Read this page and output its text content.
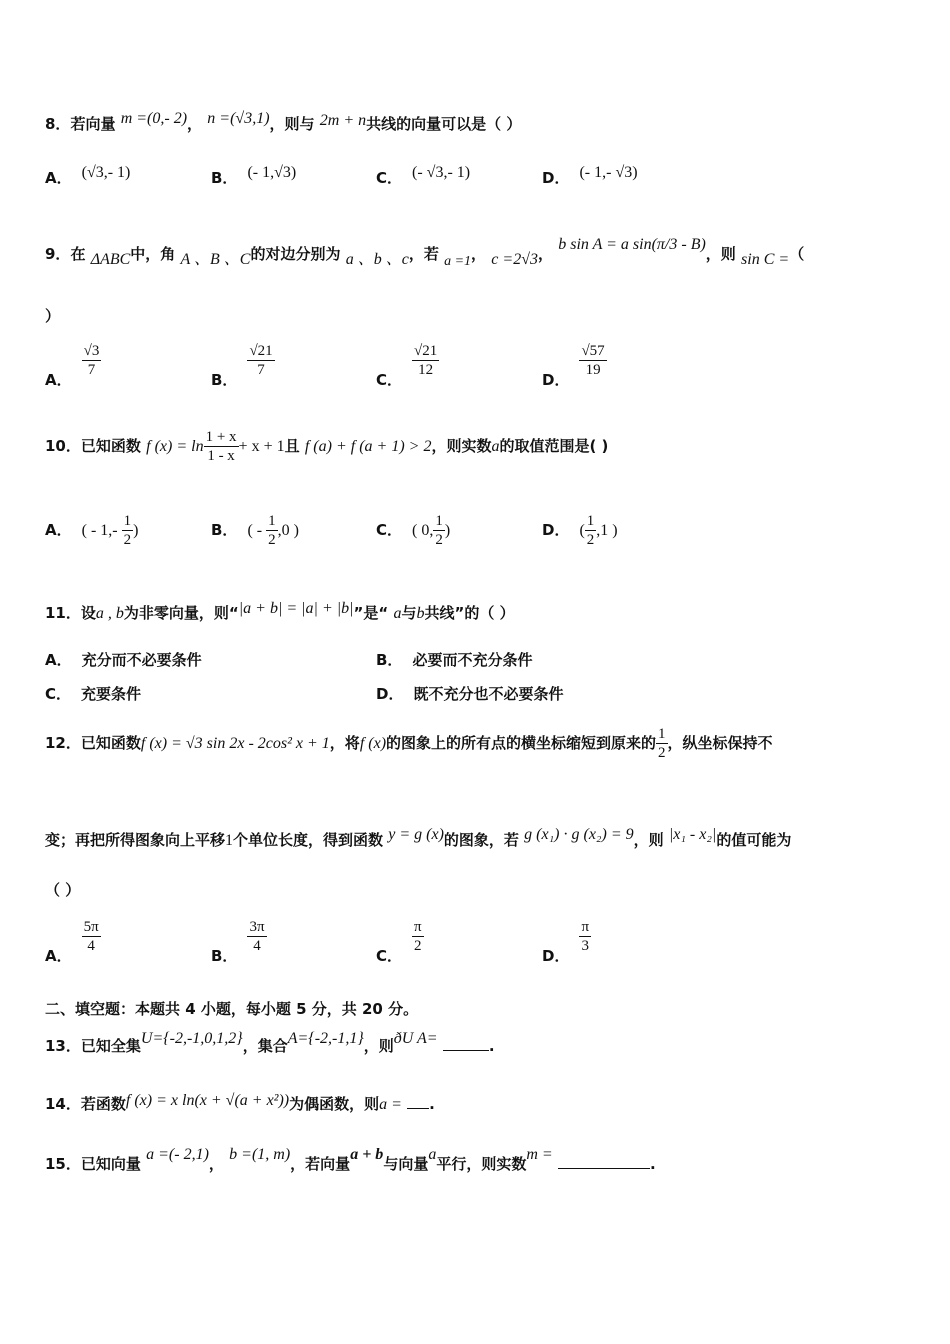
8．若向量 m =(0,- 2)， n =(√3,1)，则与 2m + n共线的向量可以是（ ）
A． (√3,- 1)	B． (- 1,√3)	C． (- √3,- 1)	D． (- 1,- √3)
9．在 ΔABC中，角 A 、B 、C的对边分别为 a 、b 、c，若 a =1， c =2√3， b sin A = a sin(π/3 - B)，则 sin C =（
）
A．
$\frac{√3}{7}$
B．
$\frac{√21}{7}$
C．
$\frac{√21}{12}$
D．
$\frac{√57}{19}$
10．已知函数 f $(x) = \ln \frac{1 + x}{1 - x} + x + 1$且 f (a) + f (a + 1) > 2，则实数a的取值范围是( )
A． ( - $1,- \frac{1}{2}$ )	B． ( - $\frac{1}{2} ,0$ )	C． ( 0, $\frac{1}{2}$ )	D． ( $\frac{1}{2} ,1$ )
11．设a , b为非零向量，则“|a + b| = |a| + |b|”是“ a与b共线”的（ ）
A． 充分而不必要条件	B． 必要而不充分条件
C． 充要条件	D． 既不充分也不必要条件
12．已知函数f (x) = √3 sin 2x - 2cos² x + 1，将f (x)的图象上的所有点的横坐标缩短到原来的 $\frac{1}{2}$ ，纵坐标保持不
变；再把所得图象向上平移1个单位长度，得到函数 y = g (x)的图象，若 g (x₁) · g (x₂) = 9，则 |x₁ - x₂|的值可能为
（ ）
A．
$\frac{5\pi}{4}$
B．
$\frac{3\pi}{4}$
C．
$\frac{\pi}{2}$
D．
$\frac{\pi}{3}$
二、填空题：本题共 4 小题，每小题 5 分，共 20 分。
13．已知全集U={-2,-1,0,1,2}，集合A={-2,-1,1}，则ðU A=	.
14．若函数f (x) = x ln(x + √(a + x²))为偶函数，则a = .
15．已知向量 a =(- 2,1)， b =(1, m)，若向量a + b与向量a平行，则实数m = .
